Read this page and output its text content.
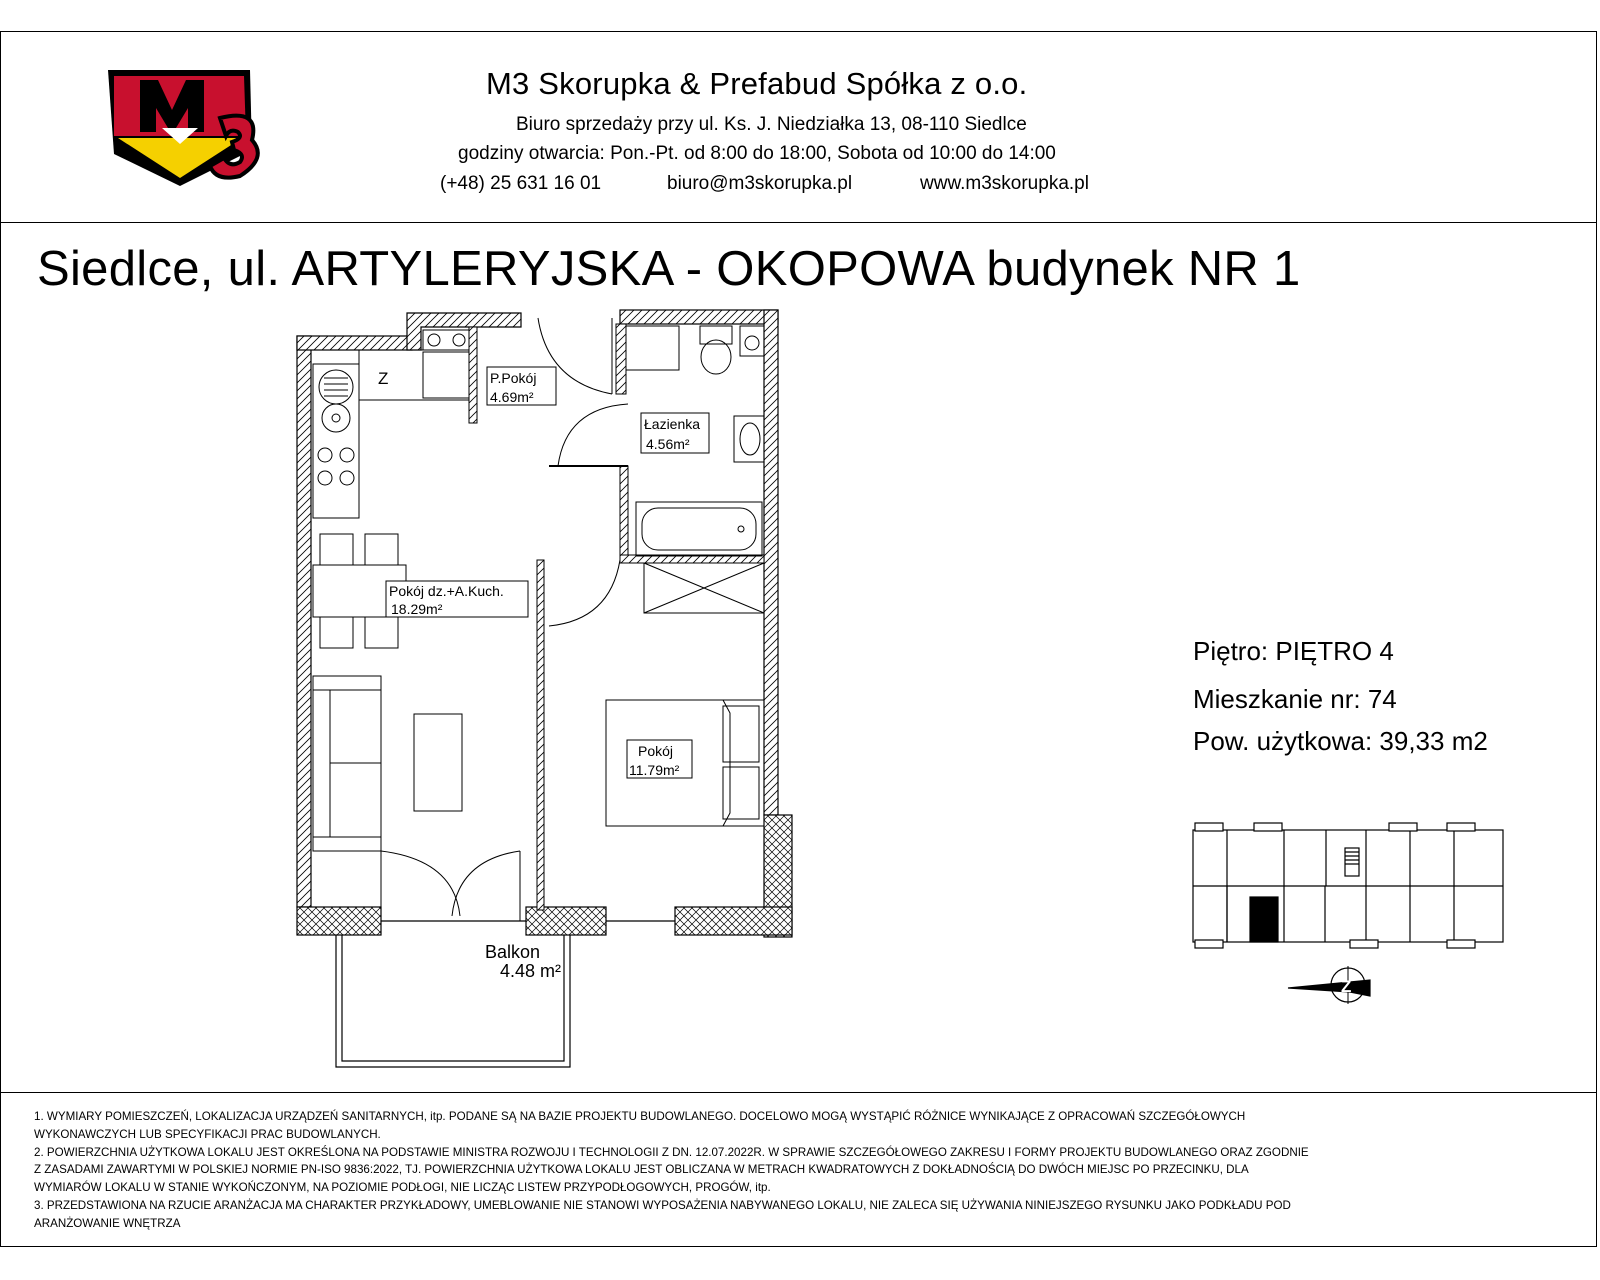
M3 Skorupka & Prefabud Spółka z o.o.
Biuro sprzedaży przy ul. Ks. J. Niedziałka 13, 08-110 Siedlce
godziny otwarcia: Pon.-Pt. od 8:00 do 18:00, Sobota od 10:00 do 14:00
(+48) 25 631 16 01	biuro@m3skorupka.pl	www.m3skorupka.pl
Siedlce, ul. ARTYLERYJSKA - OKOPOWA budynek NR 1
Piętro: PIĘTRO 4
Mieszkanie nr: 74
Pow. użytkowa: 39,33 m2
P.Pokój
4.69m²
Łazienka
4.56m²
Pokój dz.+A.Kuch.
18.29m²
Pokój
11.79m²
Z
Balkon
4.48 m²
Z
1. WYMIARY POMIESZCZEŃ, LOKALIZACJA URZĄDZEŃ SANITARNYCH, itp. PODANE SĄ NA BAZIE PROJEKTU BUDOWLANEGO. DOCELOWO MOGĄ WYSTĄPIĆ RÓŻNICE WYNIKAJĄCE Z OPRACOWAŃ SZCZEGÓŁOWYCH
WYKONAWCZYCH LUB SPECYFIKACJI PRAC BUDOWLANYCH.
2. POWIERZCHNIA UŻYTKOWA LOKALU JEST OKREŚLONA NA PODSTAWIE MINISTRA ROZWOJU I TECHNOLOGII Z DN. 12.07.2022R. W SPRAWIE SZCZEGÓŁOWEGO ZAKRESU I FORMY PROJEKTU BUDOWLANEGO ORAZ ZGODNIE
Z ZASADAMI ZAWARTYMI W POLSKIEJ NORMIE PN-ISO 9836:2022, TJ. POWIERZCHNIA UŻYTKOWA LOKALU JEST OBLICZANA W METRACH KWADRATOWYCH Z DOKŁADNOŚCIĄ DO DWÓCH MIEJSC PO PRZECINKU, DLA
WYMIARÓW LOKALU W STANIE WYKOŃCZONYM, NA POZIOMIE PODŁOGI, NIE LICZĄC LISTEW PRZYPODŁOGOWYCH, PROGÓW, itp.
3. PRZEDSTAWIONA NA RZUCIE ARANŻACJA MA CHARAKTER PRZYKŁADOWY, UMEBLOWANIE NIE STANOWI WYPOSAŻENIA NABYWANEGO LOKALU, NIE ZALECA SIĘ UŻYWANIA NINIEJSZEGO RYSUNKU JAKO PODKŁADU POD
ARANŻOWANIE WNĘTRZA
